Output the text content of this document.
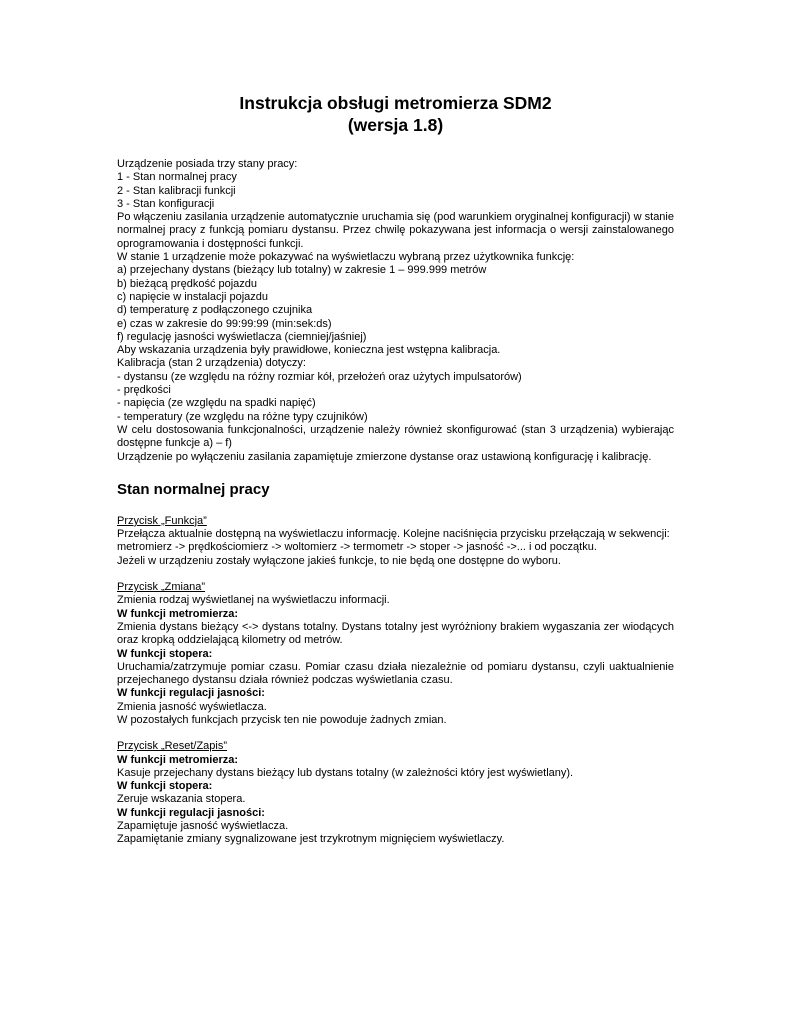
Instrukcja obsługi metromierza SDM2
(wersja 1.8)
Urządzenie posiada trzy stany pracy:
1 - Stan normalnej pracy
2 - Stan kalibracji funkcji
3 - Stan konfiguracji
Po włączeniu zasilania urządzenie automatycznie uruchamia się (pod warunkiem oryginalnej konfiguracji) w stanie normalnej pracy z funkcją pomiaru dystansu. Przez chwilę pokazywana jest informacja o wersji zainstalowanego oprogramowania i dostępności funkcji.
W stanie 1 urządzenie może pokazywać na wyświetlaczu wybraną przez użytkownika funkcję:
a) przejechany dystans (bieżący lub totalny) w zakresie 1 – 999.999 metrów
b) bieżącą prędkość pojazdu
c) napięcie w instalacji pojazdu
d) temperaturę z podłączonego czujnika
e) czas w zakresie do 99:99:99 (min:sek:ds)
f) regulację jasności wyświetlacza (ciemniej/jaśniej)
Aby wskazania urządzenia były prawidłowe, konieczna jest wstępna kalibracja.
Kalibracja (stan 2 urządzenia) dotyczy:
- dystansu (ze względu na różny rozmiar kół, przełożeń oraz użytych impulsatorów)
- prędkości
- napięcia (ze względu na spadki napięć)
- temperatury (ze względu na różne typy czujników)
W celu dostosowania funkcjonalności, urządzenie należy również skonfigurować (stan 3 urządzenia) wybierając dostępne funkcje a) – f)
Urządzenie po wyłączeniu zasilania zapamiętuje zmierzone dystanse oraz ustawioną konfigurację i kalibrację.
Stan normalnej pracy
Przycisk „Funkcja”
Przełącza aktualnie dostępną na wyświetlaczu informację. Kolejne naciśnięcia przycisku przełączają w sekwencji:
metromierz -> prędkościomierz -> woltomierz -> termometr -> stoper -> jasność ->... i od początku.
Jeżeli w urządzeniu zostały wyłączone jakieś funkcje, to nie będą one dostępne do wyboru.
Przycisk „Zmiana”
Zmienia rodzaj wyświetlanej na wyświetlaczu informacji.
W funkcji metromierza:
Zmienia dystans bieżący <-> dystans totalny. Dystans totalny jest wyróżniony brakiem wygaszania zer wiodących oraz kropką oddzielającą kilometry od metrów.
W funkcji stopera:
Uruchamia/zatrzymuje pomiar czasu. Pomiar czasu działa niezależnie od pomiaru dystansu, czyli uaktualnienie przejechanego dystansu działa również podczas wyświetlania czasu.
W funkcji regulacji jasności:
Zmienia jasność wyświetlacza.
W pozostałych funkcjach przycisk ten nie powoduje żadnych zmian.
Przycisk „Reset/Zapis”
W funkcji metromierza:
Kasuje przejechany dystans bieżący lub dystans totalny (w zależności który jest wyświetlany).
W funkcji stopera:
Zeruje wskazania stopera.
W funkcji regulacji jasności:
Zapamiętuje jasność wyświetlacza.
Zapamiętanie zmiany sygnalizowane jest trzykrotnym mignięciem wyświetlaczy.
